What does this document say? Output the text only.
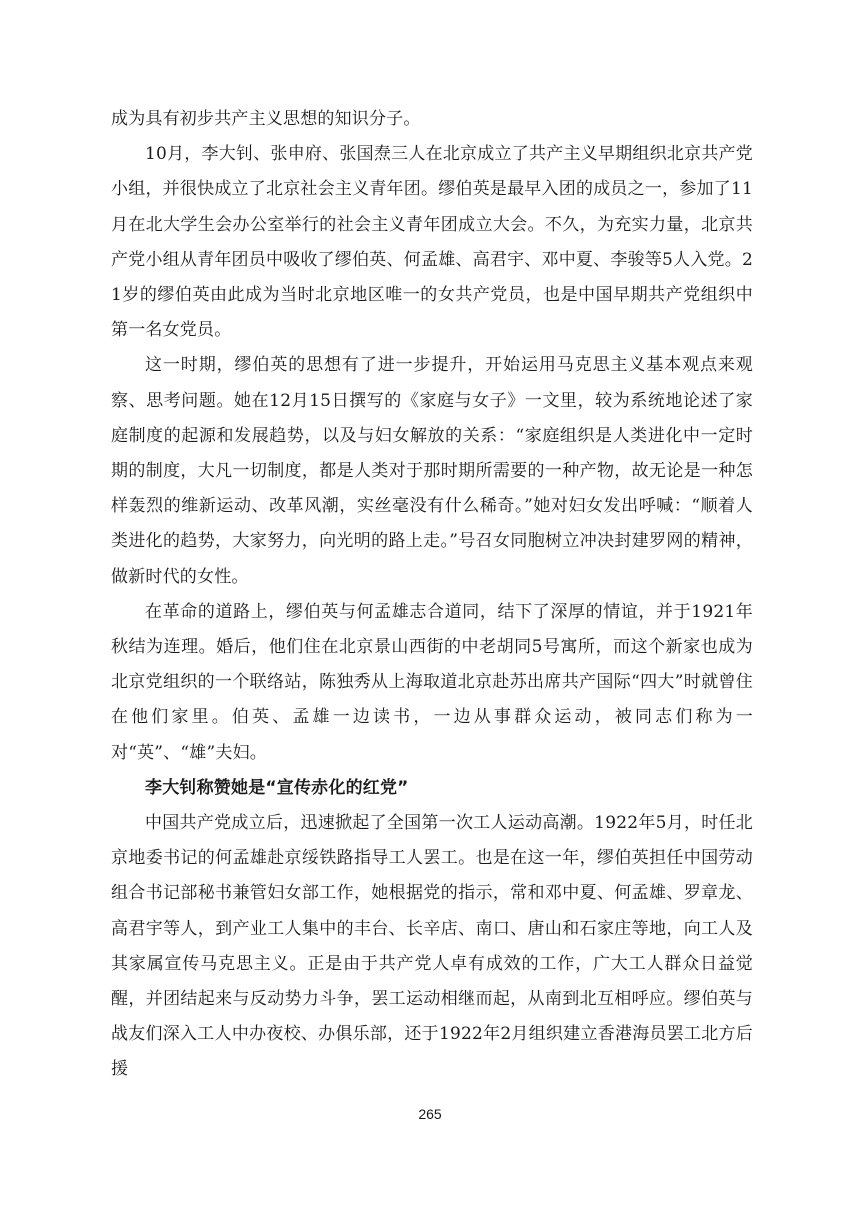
成为具有初步共产主义思想的知识分子。

10月，李大钊、张申府、张国焘三人在北京成立了共产主义早期组织北京共产党小组，并很快成立了北京社会主义青年团。缪伯英是最早入团的成员之一，参加了11月在北大学生会办公室举行的社会主义青年团成立大会。不久，为充实力量，北京共产党小组从青年团员中吸收了缪伯英、何孟雄、高君宇、邓中夏、李骏等5人入党。21岁的缪伯英由此成为当时北京地区唯一的女共产党员，也是中国早期共产党组织中第一名女党员。

这一时期，缪伯英的思想有了进一步提升，开始运用马克思主义基本观点来观察、思考问题。她在12月15日撰写的《家庭与女子》一文里，较为系统地论述了家庭制度的起源和发展趋势，以及与妇女解放的关系：“家庭组织是人类进化中一定时期的制度，大凡一切制度，都是人类对于那时期所需要的一种产物，故无论是一种怎样轰烈的维新运动、改革风潮，实丝毫没有什么稀奇。”她对妇女发出呼喊：“顺着人类进化的趋势，大家努力，向光明的路上走。”号召女同胞树立冲决封建罗网的精神，做新时代的女性。

在革命的道路上，缪伯英与何孟雄志合道同，结下了深厚的情谊，并于1921年秋结为连理。婚后，他们住在北京景山西街的中老胡同5号寓所，而这个新家也成为北京党组织的一个联络站，陈独秀从上海取道北京赴苏出席共产国际“四大”时就曾住在他们家里。伯英、孟雄一边读书，一边从事群众运动，被同志们称为一对“英”、“雄”夫妇。

李大钊称赞她是“宣传赤化的红党”

中国共产党成立后，迅速掀起了全国第一次工人运动高潮。1922年5月，时任北京地委书记的何孟雄赴京绥铁路指导工人罢工。也是在这一年，缪伯英担任中国劳动组合书记部秘书兼管妇女部工作，她根据党的指示，常和邓中夏、何孟雄、罗章龙、高君宇等人，到产业工人集中的丰台、长辛店、南口、唐山和石家庄等地，向工人及其家属宣传马克思主义。正是由于共产党人卓有成效的工作，广大工人群众日益觉醒，并团结起来与反动势力斗争，罢工运动相继而起，从南到北互相呼应。缪伯英与战友们深入工人中办夜校、办俱乐部，还于1922年2月组织建立香港海员罢工北方后援

265
